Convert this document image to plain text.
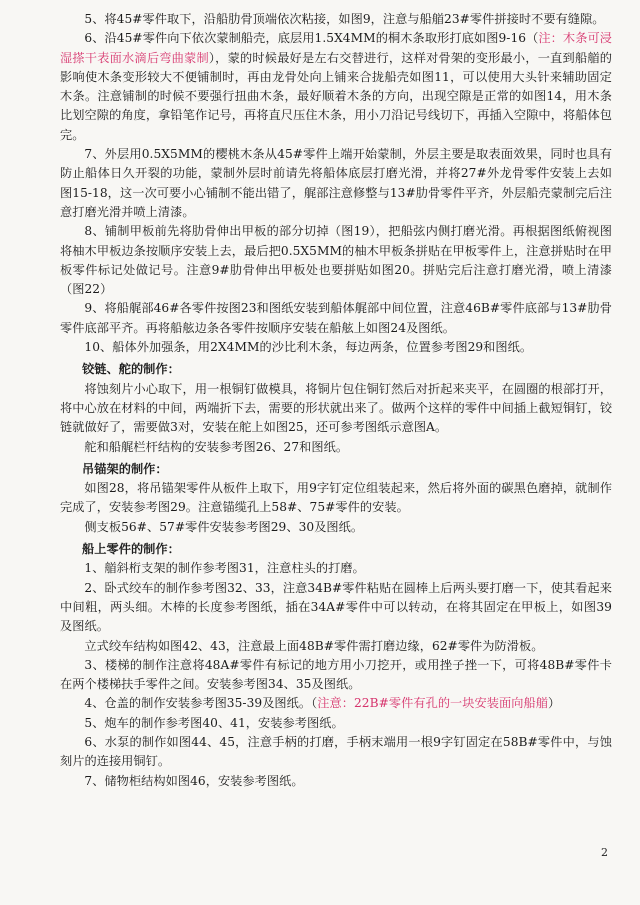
5、将45#零件取下，沿船肋骨顶端依次粘接，如图9，注意与船艏23#零件拼接时不要有缝隙。

6、沿45#零件向下依次蒙制船壳，底层用1.5X4MM的桐木条取形打底如图9-16（注：木条可浸湿搽干表面水滴后弯曲蒙制），蒙的时候最好是左右交替进行，这样对骨架的变形最小，一直到船艏的影响使木条变形较大不便铺制时，再由龙骨处向上铺来合拢船壳如图11，可以使用大头针来辅助固定木条。注意铺制的时候不要强行扭曲木条，最好顺着木条的方向，出现空隙是正常的如图14，用木条比划空隙的角度，拿铅笔作记号，再将直尺压住木条，用小刀沿记号线切下，再插入空隙中，将船体包完。

7、外层用0.5X5MM的樱桃木条从45#零件上端开始蒙制，外层主要是取表面效果，同时也具有防止船体日久开裂的功能，蒙制外层时前请先将船体底层打磨光滑，并将27#外龙骨零件安装上去如图15-18，这一次可要小心铺制不能出错了，艉部注意修整与13#肋骨零件平齐，外层船壳蒙制完后注意打磨光滑并喷上清漆。

8、铺制甲板前先将肋骨伸出甲板的部分切掉（图19），把船弦内侧打磨光滑。再根据图纸俯视图将柚木甲板边条按顺序安装上去，最后把0.5X5MM的柚木甲板条拼贴在甲板零件上，注意拼贴时在甲板零件标记处做记号。注意9#肋骨伸出甲板处也要拼贴如图20。拼贴完后注意打磨光滑，喷上清漆（图22）

9、将船艉部46#各零件按图23和图纸安装到船体艉部中间位置，注意46B#零件底部与13#肋骨零件底部平齐。再将船舷边条各零件按顺序安装在船舷上如图24及图纸。

10、船体外加强条，用2X4MM的沙比利木条，每边两条，位置参考图29和图纸。

铰链、舵的制作：

将蚀刻片小心取下，用一根铜钉做模具，将铜片包住铜钉然后对折起来夹平，在圆圈的根部打开，将中心放在材料的中间，两端折下去，需要的形状就出来了。做两个这样的零件中间插上截短铜钉，铰链就做好了，需要做3对，安装在舵上如图25，还可参考图纸示意图A。

舵和船艉栏杆结构的安装参考图26、27和图纸。

吊锚架的制作：

如图28，将吊锚架零件从板件上取下，用9字钉定位组装起来，然后将外面的碳黑色磨掉，就制作完成了，安装参考图29。注意锚缆孔上58#、75#零件的安装。

侧支板56#、57#零件安装参考图29、30及图纸。

船上零件的制作：

1、艏斜桁支架的制作参考图31，注意柱头的打磨。

2、卧式绞车的制作参考图32、33，注意34B#零件粘贴在圆棒上后两头要打磨一下，使其看起来中间粗，两头细。木棒的长度参考图纸，插在34A#零件中可以转动，在将其固定在甲板上，如图39及图纸。

立式绞车结构如图42、43，注意最上面48B#零件需打磨边缘，62#零件为防滑板。

3、楼梯的制作注意将48A#零件有标记的地方用小刀挖开，或用挫子挫一下，可将48B#零件卡在两个楼梯扶手零件之间。安装参考图34、35及图纸。

4、仓盖的制作安装参考图35-39及图纸。（注意：22B#零件有孔的一块安装面向船艏）

5、炮车的制作参考图40、41，安装参考图纸。

6、水泵的制作如图44、45，注意手柄的打磨，手柄末端用一根9字钉固定在58B#零件中，与蚀刻片的连接用铜钉。

7、储物柜结构如图46，安装参考图纸。

2
